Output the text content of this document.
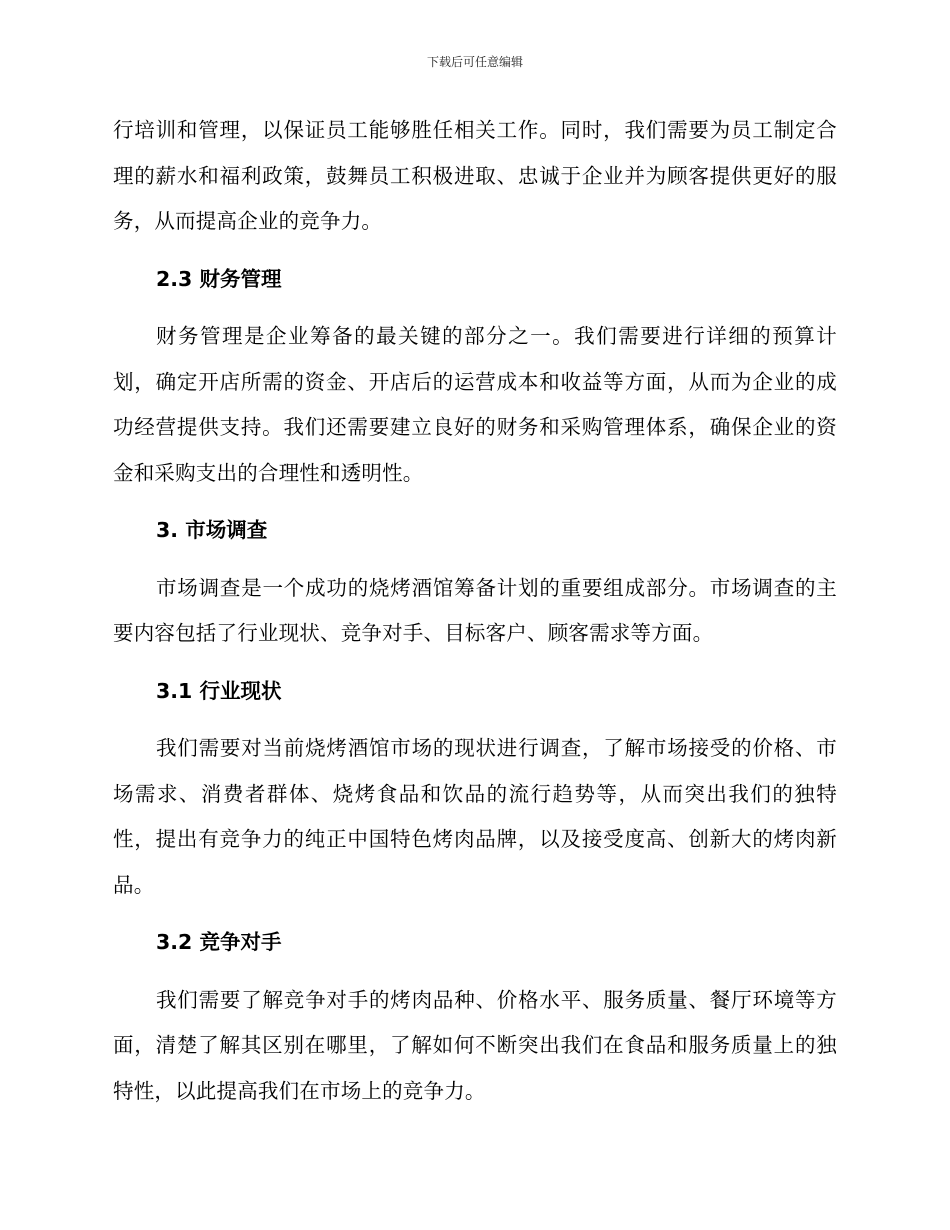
下载后可任意编辑

行培训和管理，以保证员工能够胜任相关工作。同时，我们需要为员工制定合理的薪水和福利政策，鼓舞员工积极进取、忠诚于企业并为顾客提供更好的服务，从而提高企业的竞争力。

2.3 财务管理

财务管理是企业筹备的最关键的部分之一。我们需要进行详细的预算计划，确定开店所需的资金、开店后的运营成本和收益等方面，从而为企业的成功经营提供支持。我们还需要建立良好的财务和采购管理体系，确保企业的资金和采购支出的合理性和透明性。

3. 市场调查

市场调查是一个成功的烧烤酒馆筹备计划的重要组成部分。市场调查的主要内容包括了行业现状、竞争对手、目标客户、顾客需求等方面。

3.1 行业现状

我们需要对当前烧烤酒馆市场的现状进行调查，了解市场接受的价格、市场需求、消费者群体、烧烤食品和饮品的流行趋势等，从而突出我们的独特性，提出有竞争力的纯正中国特色烤肉品牌，以及接受度高、创新大的烤肉新品。

3.2 竞争对手

我们需要了解竞争对手的烤肉品种、价格水平、服务质量、餐厅环境等方面，清楚了解其区别在哪里，了解如何不断突出我们在食品和服务质量上的独特性，以此提高我们在市场上的竞争力。
